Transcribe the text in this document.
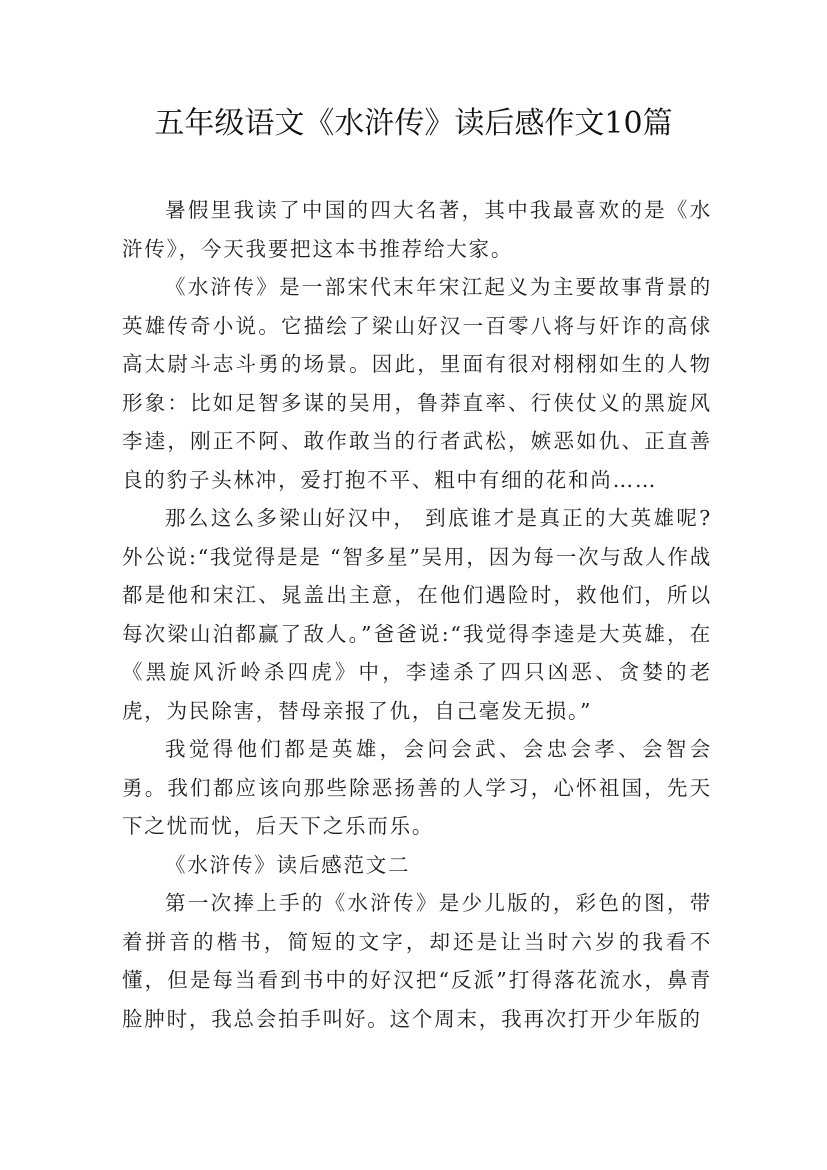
五年级语文《水浒传》读后感作文10篇

暑假里我读了中国的四大名著，其中我最喜欢的是《水浒传》，今天我要把这本书推荐给大家。

《水浒传》是一部宋代末年宋江起义为主要故事背景的英雄传奇小说。它描绘了梁山好汉一百零八将与奸诈的高俅高太尉斗志斗勇的场景。因此，里面有很对栩栩如生的人物形象：比如足智多谋的吴用，鲁莽直率、行侠仗义的黑旋风李逵，刚正不阿、敢作敢当的行者武松，嫉恶如仇、正直善良的豹子头林冲，爱打抱不平、粗中有细的花和尚……

那么这么多梁山好汉中， 到底谁才是真正的大英雄呢?外公说:“我觉得是是 “智多星”吴用，因为每一次与敌人作战都是他和宋江、晁盖出主意，在他们遇险时，救他们，所以每次梁山泊都赢了敌人。”爸爸说:“我觉得李逵是大英雄，在《黑旋风沂岭杀四虎》中，李逵杀了四只凶恶、贪婪的老虎，为民除害，替母亲报了仇，自己毫发无损。”

我觉得他们都是英雄，会问会武、会忠会孝、会智会勇。我们都应该向那些除恶扬善的人学习，心怀祖国，先天下之忧而忧，后天下之乐而乐。

《水浒传》读后感范文二

第一次捧上手的《水浒传》是少儿版的，彩色的图，带着拼音的楷书，简短的文字，却还是让当时六岁的我看不懂，但是每当看到书中的好汉把“反派”打得落花流水，鼻青脸肿时，我总会拍手叫好。这个周末，我再次打开少年版的
